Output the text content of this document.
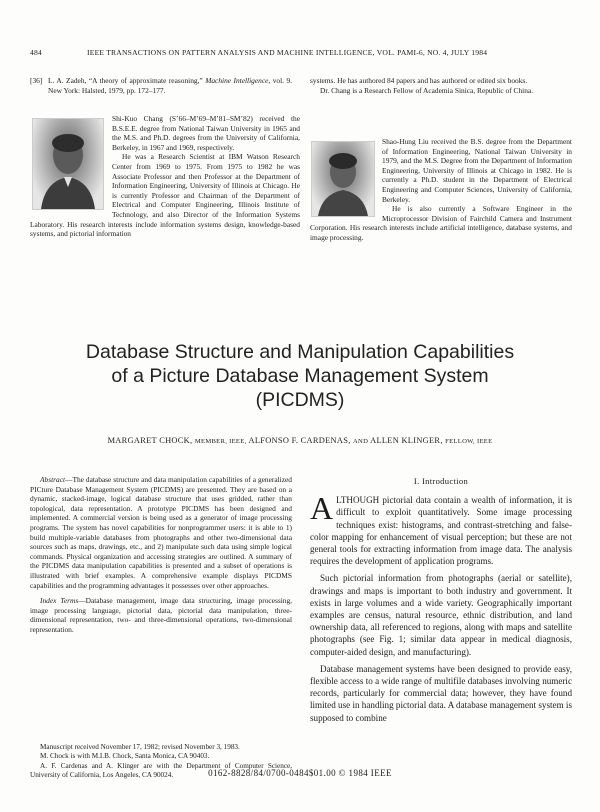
484	IEEE TRANSACTIONS ON PATTERN ANALYSIS AND MACHINE INTELLIGENCE, VOL. PAMI-6, NO. 4, JULY 1984
[36] L. A. Zadeh, “A theory of approximate reasoning,” Machine Intelligence, vol. 9. New York: Halsted, 1979, pp. 172–177.

systems. He has authored 84 papers and has authored or edited six books.

Dr. Chang is a Research Fellow of Academia Sinica, Republic of China.

Shi-Kuo Chang (S’66–M’69–M’81–SM’82) received the B.S.E.E. degree from National Taiwan University in 1965 and the M.S. and Ph.D. degrees from the University of California, Berkeley, in 1967 and 1969, respectively.

He was a Research Scientist at IBM Watson Research Center from 1969 to 1975. From 1975 to 1982 he was Associate Professor and then Professor at the Department of Information Engineering, University of Illinois at Chicago. He is currently Professor and Chairman of the Department of Electrical and Computer Engineering, Illinois Institute of Technology, and also Director of the Information Systems Laboratory. His research interests include information systems design, knowledge-based systems, and pictorial information

Shao-Hung Liu received the B.S. degree from the Department of Information Engineering, National Taiwan University in 1979, and the M.S. Degree from the Department of Information Engineering, University of Illinois at Chicago in 1982. He is currently a Ph.D. student in the Department of Electrical Engineering and Computer Sciences, University of California, Berkeley.

He is also currently a Software Engineer in the Microprocessor Division of Fairchild Camera and Instrument Corporation. His research interests include artificial intelligence, database systems, and image processing.

Database Structure and Manipulation Capabilities
of a Picture Database Management System
(PICDMS)
MARGARET CHOCK, MEMBER, IEEE, ALFONSO F. CARDENAS, AND ALLEN KLINGER, FELLOW, IEEE

Abstract—The database structure and data manipulation capabilities of a generalized PICture Database Management System (PICDMS) are presented. They are based on a dynamic, stacked-image, logical database structure that uses gridded, rather than topological, data representation. A prototype PICDMS has been designed and implemented. A commercial version is being used as a generator of image processing programs. The system has novel capabilities for nonprogrammer users: it is able to 1) build multiple-variable databases from photographs and other two-dimensional data sources such as maps, drawings, etc., and 2) manipulate such data using simple logical commands. Physical organization and accessing strategies are outlined. A summary of the PICDMS data manipulation capabilities is presented and a subset of operations is illustrated with brief examples. A comprehensive example displays PICDMS capabilities and the programming advantages it possesses over other approaches.

Index Terms—Database management, image data structuring, image processing, image processing language, pictorial data, pictorial data manipulation, three-dimensional representation, two- and three-dimensional operations, two-dimensional representation.

Manuscript received November 17, 1982; revised November 3, 1983.

M. Chock is with M.I.B. Chock, Santa Monica, CA 90403.

A. F. Cardenas and A. Klinger are with the Department of Computer Science, University of California, Los Angeles, CA 90024.

I. Introduction

ALTHOUGH pictorial data contain a wealth of information, it is difficult to exploit quantitatively. Some image processing techniques exist: histograms, and contrast-stretching and false-color mapping for enhancement of visual perception; but these are not general tools for extracting information from image data. The analysis requires the development of application programs.

Such pictorial information from photographs (aerial or satellite), drawings and maps is important to both industry and government. It exists in large volumes and a wide variety. Geographically important examples are census, natural resource, ethnic distribution, and land ownership data, all referenced to regions, along with maps and satellite photographs (see Fig. 1; similar data appear in medical diagnosis, computer-aided design, and manufacturing).

Database management systems have been designed to provide easy, flexible access to a wide range of multifile databases involving numeric records, particularly for commercial data; however, they have found limited use in handling pictorial data. A database management system is supposed to combine

0162-8828/84/0700-0484$01.00 © 1984 IEEE
